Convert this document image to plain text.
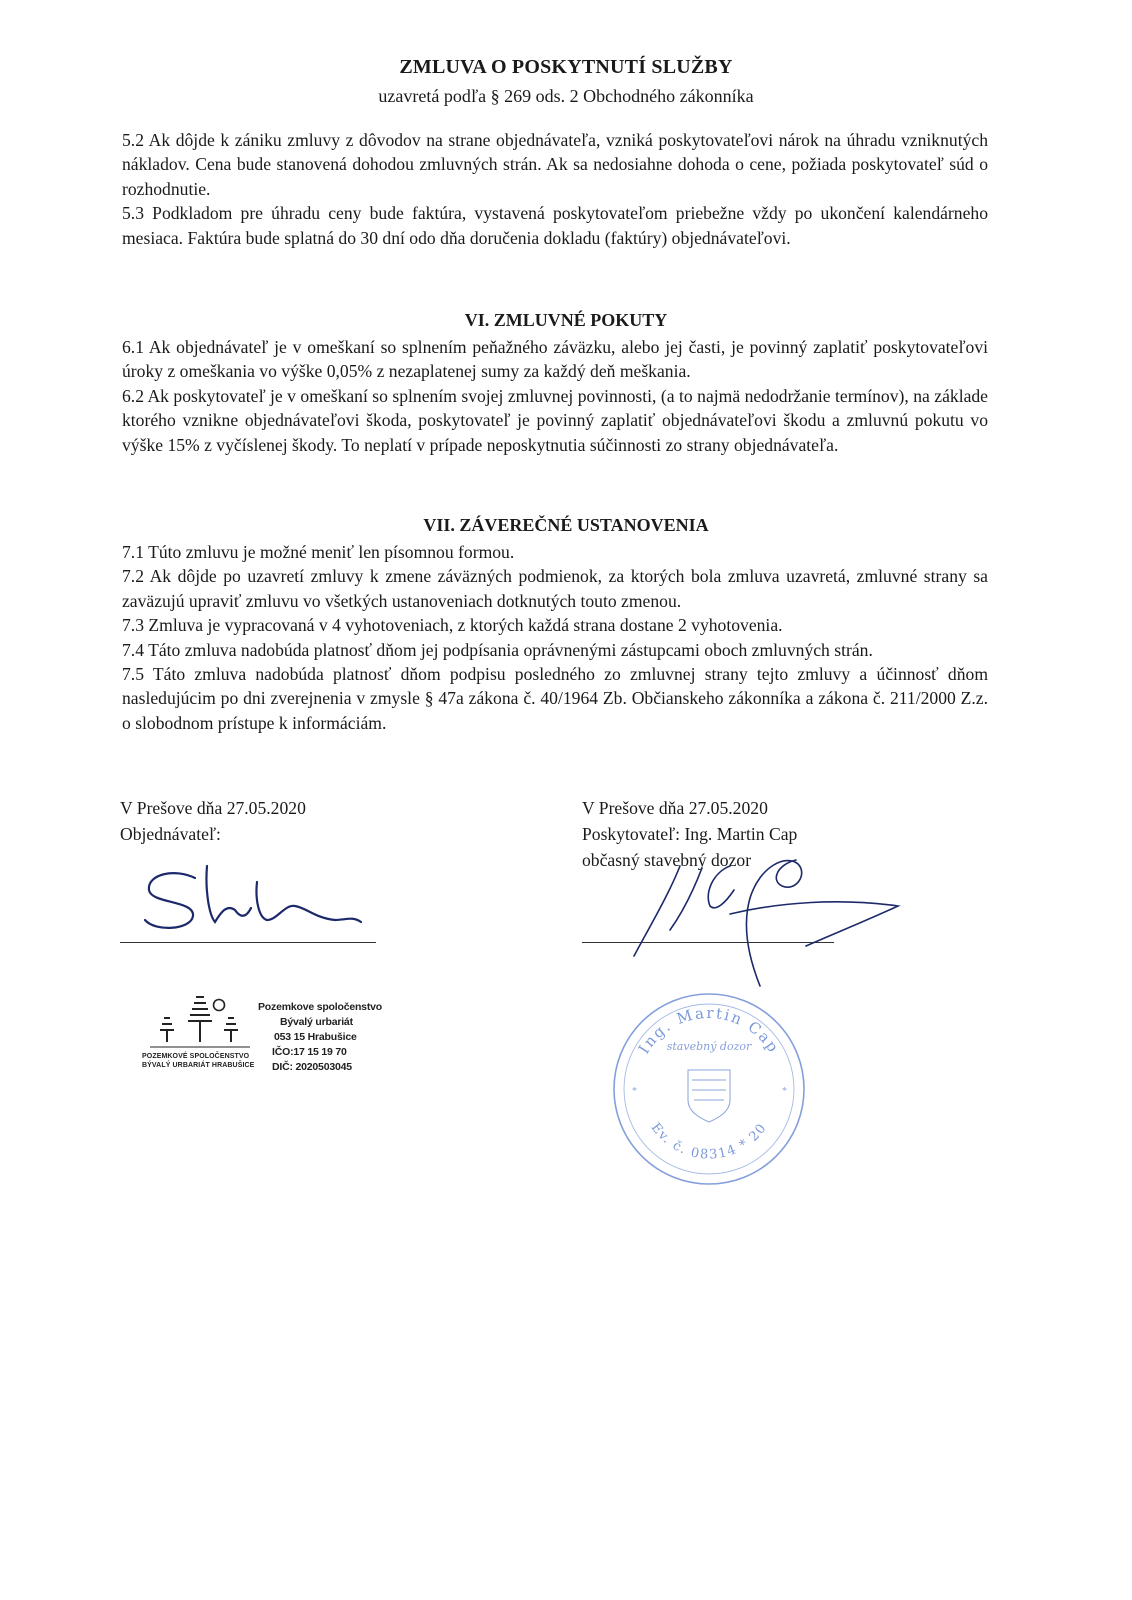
ZMLUVA O POSKYTNUTÍ SLUŽBY
uzavretá podľa § 269 ods. 2 Obchodného zákonníka

5.2 Ak dôjde k zániku zmluvy z dôvodov na strane objednávateľa, vzniká poskytovateľovi nárok na úhradu vzniknutých nákladov. Cena bude stanovená dohodou zmluvných strán. Ak sa nedosiahne dohoda o cene, požiada poskytovateľ súd o rozhodnutie.

5.3 Podkladom pre úhradu ceny bude faktúra, vystavená poskytovateľom priebežne vždy po ukončení kalendárneho mesiaca. Faktúra bude splatná do 30 dní odo dňa doručenia dokladu (faktúry) objednávateľovi.

VI. ZMLUVNÉ POKUTY

6.1 Ak objednávateľ je v omeškaní so splnením peňažného záväzku, alebo jej časti, je povinný zaplatiť poskytovateľovi úroky z omeškania vo výške 0,05% z nezaplatenej sumy za každý deň meškania.

6.2 Ak poskytovateľ je v omeškaní so splnením svojej zmluvnej povinnosti, (a to najmä nedodržanie termínov), na základe ktorého vznikne objednávateľovi škoda, poskytovateľ je povinný zaplatiť objednávateľovi škodu a zmluvnú pokutu vo výške 15% z vyčíslenej škody. To neplatí v prípade neposkytnutia súčinnosti zo strany objednávateľa.

VII. ZÁVEREČNÉ USTANOVENIA

7.1 Túto zmluvu je možné meniť len písomnou formou.

7.2 Ak dôjde po uzavretí zmluvy k zmene záväzných podmienok, za ktorých bola zmluva uzavretá, zmluvné strany sa zaväzujú upraviť zmluvu vo všetkých ustanoveniach dotknutých touto zmenou.

7.3 Zmluva je vypracovaná v 4 vyhotoveniach, z ktorých každá strana dostane 2 vyhotovenia.

7.4 Táto zmluva nadobúda platnosť dňom jej podpísania oprávnenými zástupcami oboch zmluvných strán.

7.5 Táto zmluva nadobúda platnosť dňom podpisu posledného zo zmluvnej strany tejto zmluvy a účinnosť dňom nasledujúcim po dni zverejnenia v zmysle § 47a zákona č. 40/1964 Zb. Občianskeho zákonníka a zákona č. 211/2000 Z.z. o slobodnom prístupe k informáciám.

V Prešove dňa 27.05.2020
Objednávateľ:
POZEMKOVÉ SPOLOČENSTVO
BÝVALÝ URBARIÁT HRABUŠICE
Pozemkove spoločenstvo
Bývalý urbariát
053 15 Hrabušice
IČO:17 15 19 70
DIČ: 2020503045
V Prešove dňa 27.05.2020
Poskytovateľ: Ing. Martin Cap
občasný stavebný dozor
Ing. Martin Cap
stavebný dozor
*	*
Ev. č. 08314 * 20
